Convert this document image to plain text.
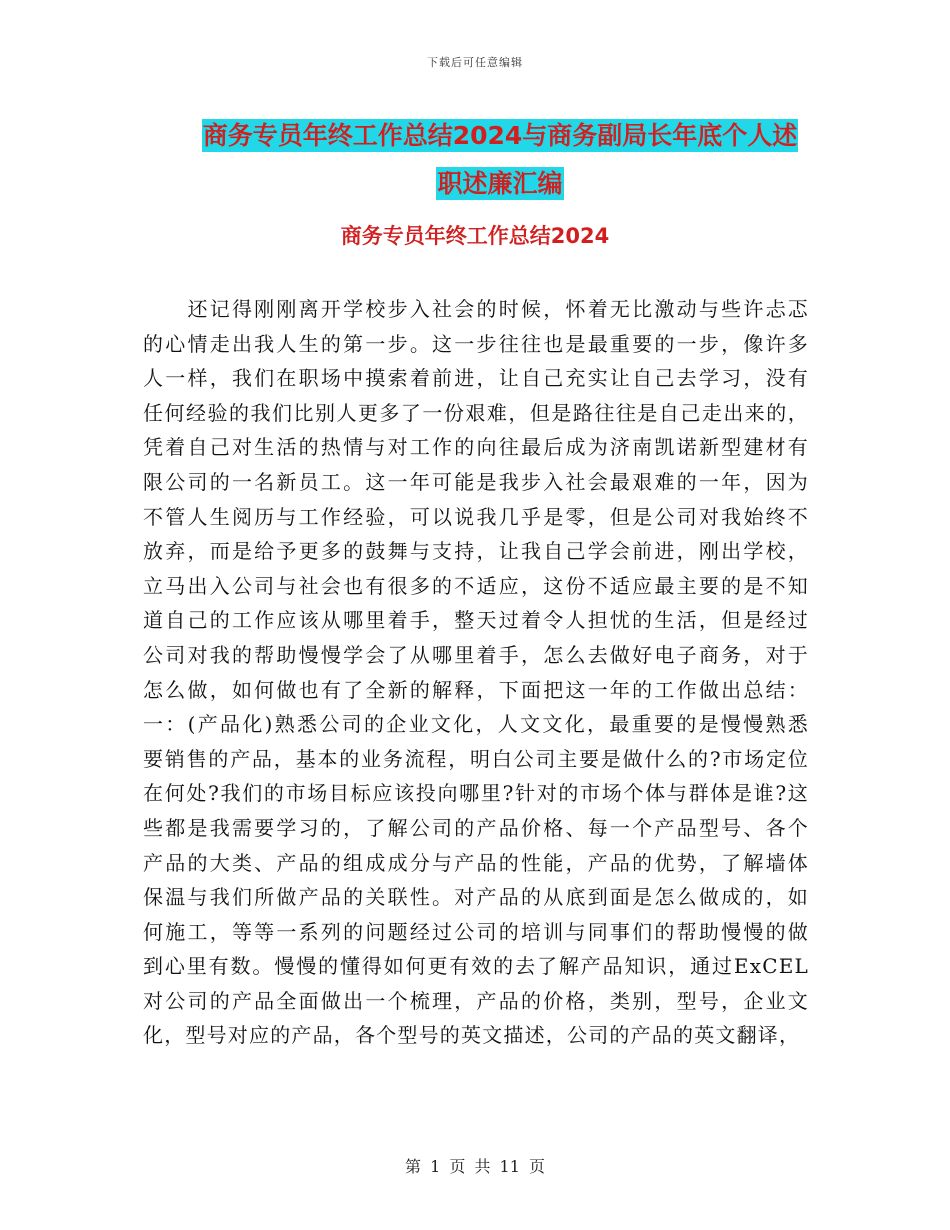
下载后可任意编辑
商务专员年终工作总结2024与商务副局长年底个人述
职述廉汇编
商务专员年终工作总结2024
　　还记得刚刚离开学校步入社会的时候，怀着无比激动与些许忐忑
的心情走出我人生的第一步。这一步往往也是最重要的一步，像许多
人一样，我们在职场中摸索着前进，让自己充实让自己去学习，没有
任何经验的我们比别人更多了一份艰难，但是路往往是自己走出来的，
凭着自己对生活的热情与对工作的向往最后成为济南凯诺新型建材有
限公司的一名新员工。这一年可能是我步入社会最艰难的一年，因为
不管人生阅历与工作经验，可以说我几乎是零，但是公司对我始终不
放弃，而是给予更多的鼓舞与支持，让我自己学会前进，刚出学校，
立马出入公司与社会也有很多的不适应，这份不适应最主要的是不知
道自己的工作应该从哪里着手，整天过着令人担忧的生活，但是经过
公司对我的帮助慢慢学会了从哪里着手，怎么去做好电子商务，对于
怎么做，如何做也有了全新的解释，下面把这一年的工作做出总结：
一：(产品化)熟悉公司的企业文化，人文文化，最重要的是慢慢熟悉
要销售的产品，基本的业务流程，明白公司主要是做什么的?市场定位
在何处?我们的市场目标应该投向哪里?针对的市场个体与群体是谁?这
些都是我需要学习的，了解公司的产品价格、每一个产品型号、各个
产品的大类、产品的组成成分与产品的性能，产品的优势，了解墙体
保温与我们所做产品的关联性。对产品的从底到面是怎么做成的，如
何施工，等等一系列的问题经过公司的培训与同事们的帮助慢慢的做
到心里有数。慢慢的懂得如何更有效的去了解产品知识，通过ExCEL
对公司的产品全面做出一个梳理，产品的价格，类别，型号，企业文
化，型号对应的产品，各个型号的英文描述，公司的产品的英文翻译，
第 1 页 共 11 页
